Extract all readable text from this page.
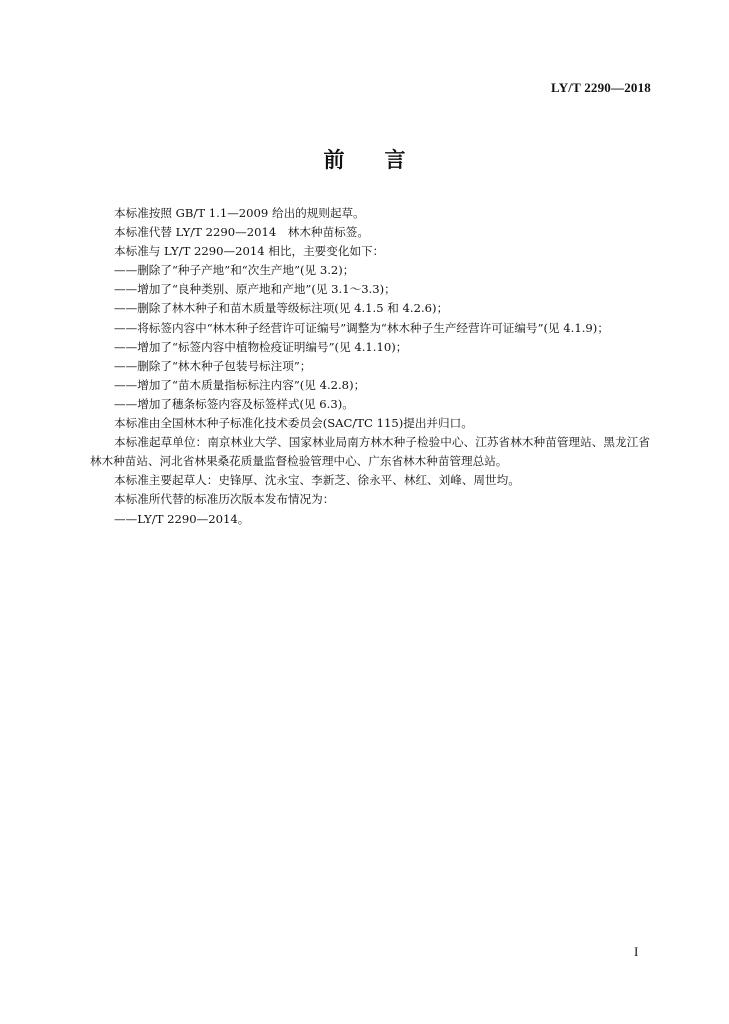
LY/T 2290—2018
前 言

本标准按照 GB/T 1.1—2009 给出的规则起草。

本标准代替 LY/T 2290—2014　林木种苗标签。

本标准与 LY/T 2290—2014 相比，主要变化如下：

——删除了“种子产地”和“次生产地”(见 3.2)；

——增加了“良种类别、原产地和产地”(见 3.1～3.3)；

——删除了林木种子和苗木质量等级标注项(见 4.1.5 和 4.2.6)；

——将标签内容中“林木种子经营许可证编号”调整为“林木种子生产经营许可证编号”(见 4.1.9)；

——增加了“标签内容中植物检疫证明编号”(见 4.1.10)；

——删除了“林木种子包装号标注项”；

——增加了“苗木质量指标标注内容”(见 4.2.8)；

——增加了穗条标签内容及标签样式(见 6.3)。

本标准由全国林木种子标准化技术委员会(SAC/TC 115)提出并归口。

本标准起草单位：南京林业大学、国家林业局南方林木种子检验中心、江苏省林木种苗管理站、黑龙江省林木种苗站、河北省林果桑花质量监督检验管理中心、广东省林木种苗管理总站。

本标准主要起草人：史锋厚、沈永宝、李新芝、徐永平、林红、刘峰、周世均。

本标准所代替的标准历次版本发布情况为：

——LY/T 2290—2014。

I
